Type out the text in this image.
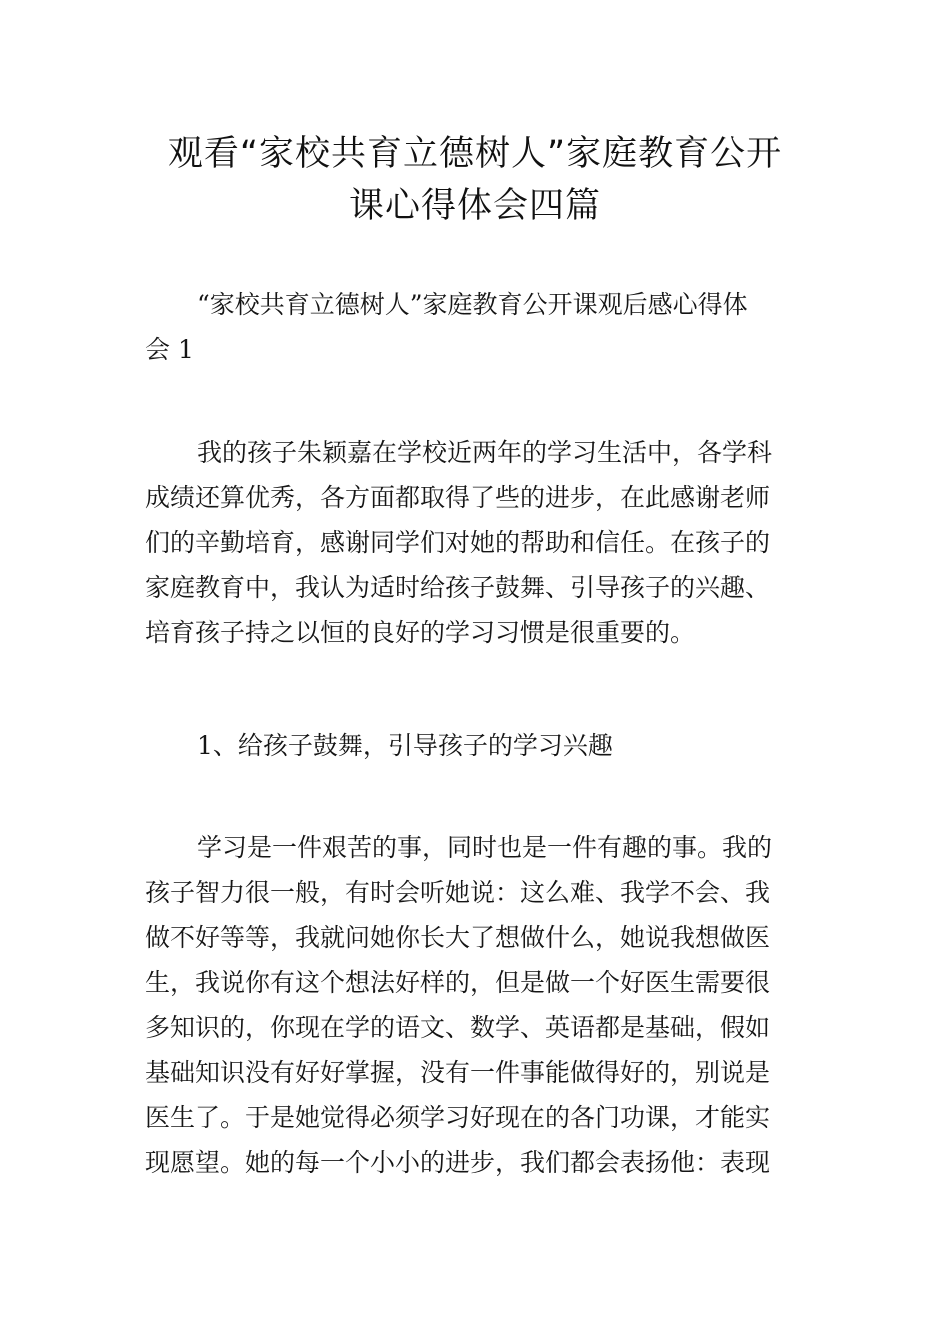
观看“家校共育立德树人”家庭教育公开
课心得体会四篇

“家校共育立德树人”家庭教育公开课观后感心得体
会 1

我的孩子朱颖嘉在学校近两年的学习生活中，各学科
成绩还算优秀，各方面都取得了些的进步，在此感谢老师
们的辛勤培育，感谢同学们对她的帮助和信任。在孩子的
家庭教育中，我认为适时给孩子鼓舞、引导孩子的兴趣、
培育孩子持之以恒的良好的学习习惯是很重要的。

1、给孩子鼓舞，引导孩子的学习兴趣

学习是一件艰苦的事，同时也是一件有趣的事。我的
孩子智力很一般，有时会听她说：这么难、我学不会、我
做不好等等，我就问她你长大了想做什么，她说我想做医
生，我说你有这个想法好样的，但是做一个好医生需要很
多知识的，你现在学的语文、数学、英语都是基础，假如
基础知识没有好好掌握，没有一件事能做得好的，别说是
医生了。于是她觉得必须学习好现在的各门功课，才能实
现愿望。她的每一个小小的进步，我们都会表扬他：表现
